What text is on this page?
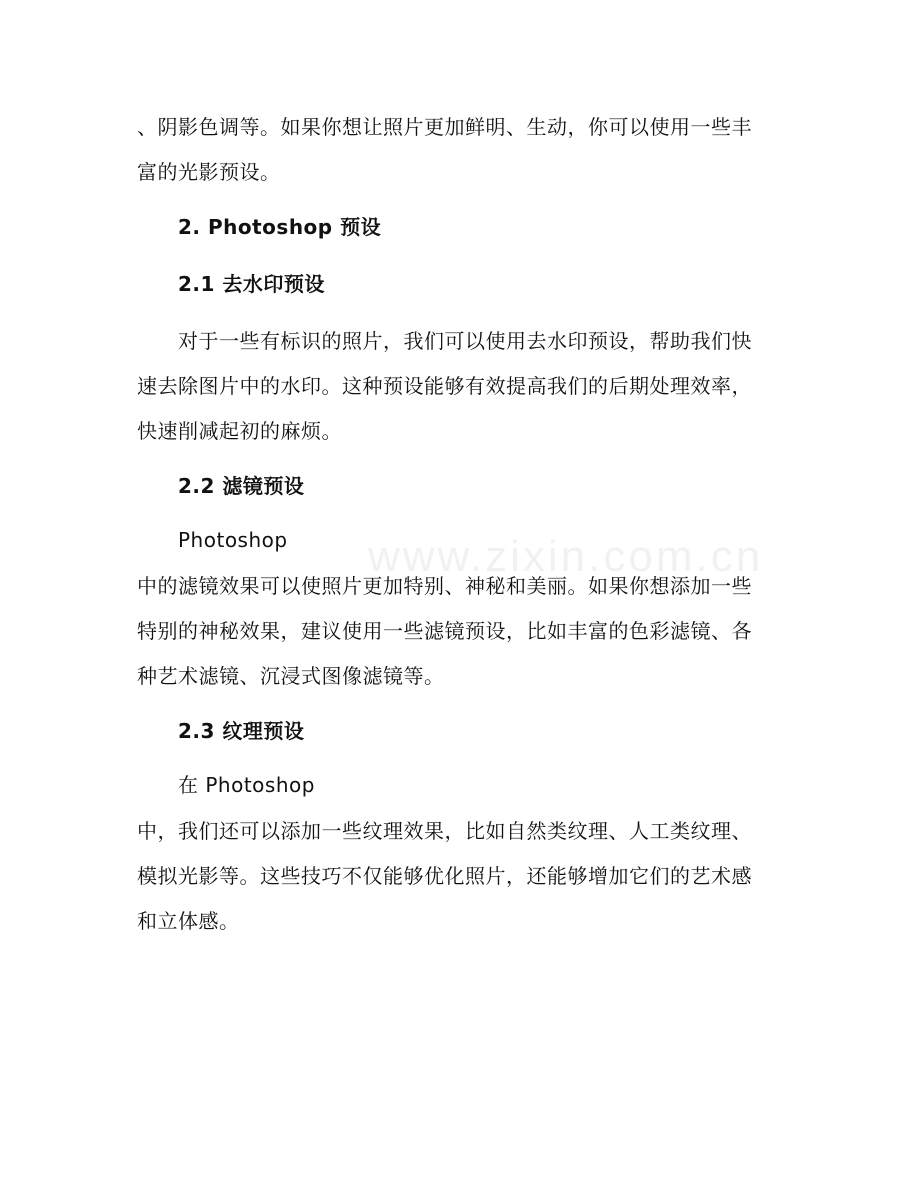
www.zixin.com.cn
、阴影色调等。如果你想让照片更加鲜明、生动，你可以使用一些丰
富的光影预设。
2. Photoshop 预设
2.1 去水印预设
对于一些有标识的照片，我们可以使用去水印预设，帮助我们快
速去除图片中的水印。这种预设能够有效提高我们的后期处理效率，
快速削减起初的麻烦。
2.2 滤镜预设
Photoshop
中的滤镜效果可以使照片更加特别、神秘和美丽。如果你想添加一些
特别的神秘效果，建议使用一些滤镜预设，比如丰富的色彩滤镜、各
种艺术滤镜、沉浸式图像滤镜等。
2.3 纹理预设
在 Photoshop
中，我们还可以添加一些纹理效果，比如自然类纹理、人工类纹理、
模拟光影等。这些技巧不仅能够优化照片，还能够增加它们的艺术感
和立体感。
